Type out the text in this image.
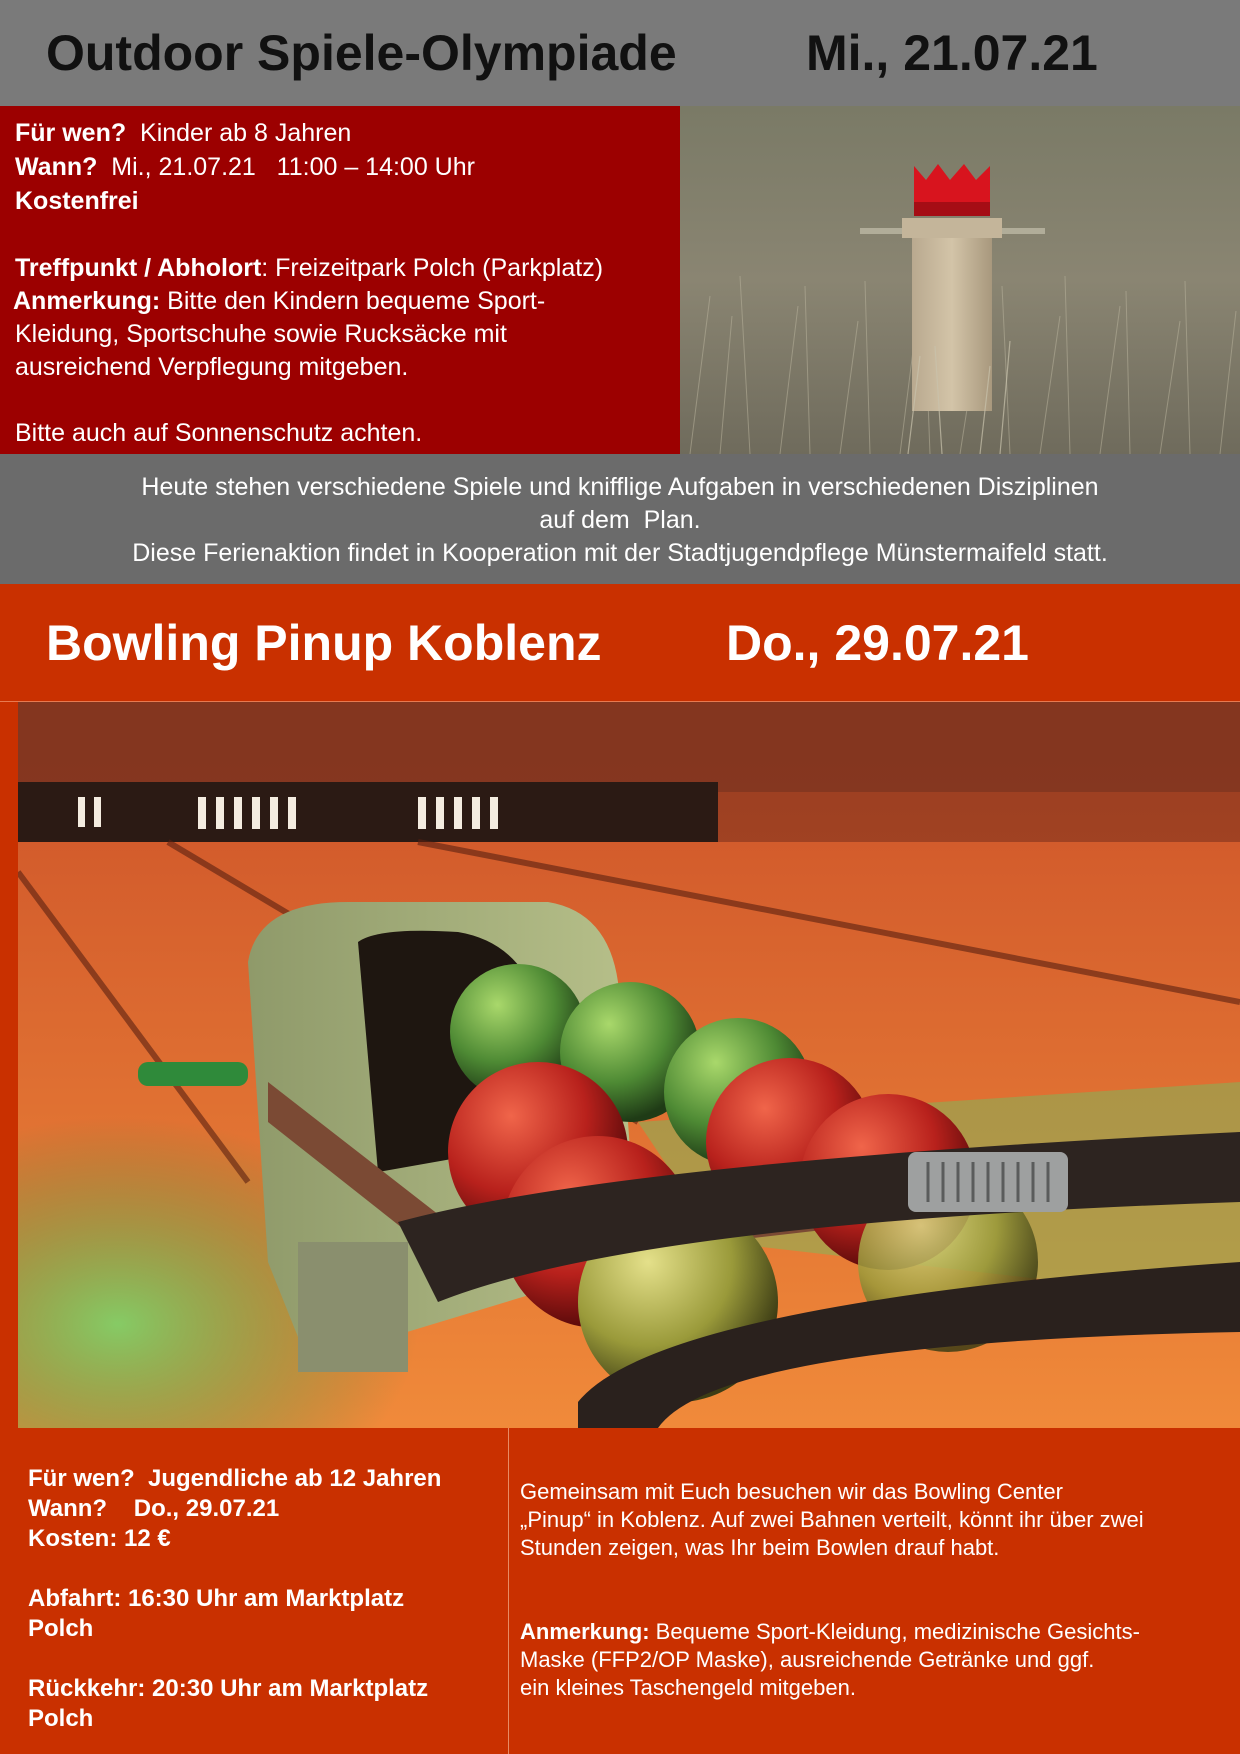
Outdoor Spiele-Olympiade	Mi., 21.07.21
Für wen? Kinder ab 8 Jahren
Wann? Mi., 21.07.21   11:00 – 14:00 Uhr
Kostenfrei
Treffpunkt / Abholort: Freizeitpark Polch (Parkplatz)
Anmerkung: Bitte den Kindern bequeme Sport-
Kleidung, Sportschuhe sowie Rucksäcke mit
ausreichend Verpflegung mitgeben.
Bitte auch auf Sonnenschutz achten.
Heute stehen verschiedene Spiele und knifflige Aufgaben in verschiedenen Disziplinen
auf dem  Plan.
Diese Ferienaktion findet in Kooperation mit der Stadtjugendpflege Münstermaifeld statt.
Bowling Pinup Koblenz Do., 29.07.21
Für wen?  Jugendliche ab 12 Jahren
Wann?    Do., 29.07.21
Kosten: 12 €
Abfahrt: 16:30 Uhr am Marktplatz
Polch
Rückkehr: 20:30 Uhr am Marktplatz
Polch
Gemeinsam mit Euch besuchen wir das Bowling Center
„Pinup“ in Koblenz. Auf zwei Bahnen verteilt, könnt ihr über zwei
Stunden zeigen, was Ihr beim Bowlen drauf habt.
Anmerkung: Bequeme Sport-Kleidung, medizinische Gesichts-
Maske (FFP2/OP Maske), ausreichende Getränke und ggf.
ein kleines Taschengeld mitgeben.
